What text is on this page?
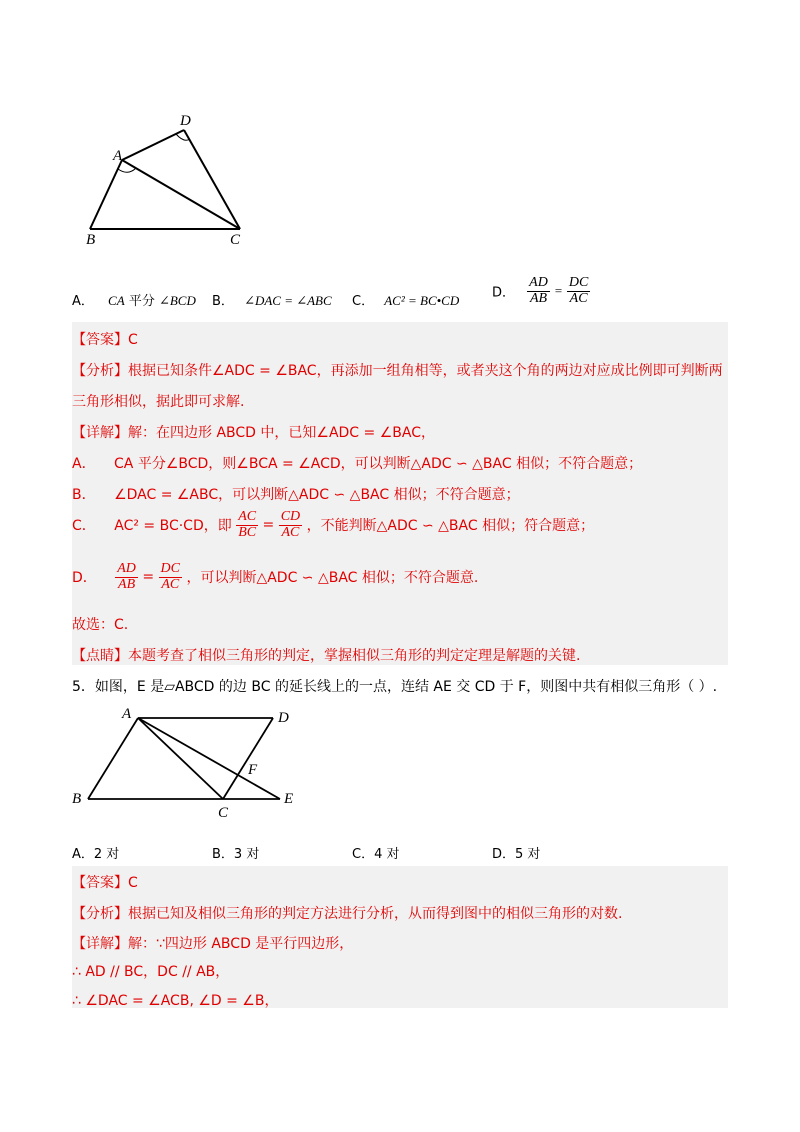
D
A
B	C
A． CA 平分 ∠BCD B． ∠DAC = ∠ABC C． AC² = BC•CD	D． $\frac{AD}{AB} = \frac{DC}{AC}$
【答案】C
【分析】根据已知条件∠ADC = ∠BAC，再添加一组角相等，或者夹这个角的两边对应成比例即可判断两
三角形相似，据此即可求解.
【详解】解：在四边形 ABCD 中，已知∠ADC = ∠BAC，
A． CA 平分∠BCD，则∠BCA = ∠ACD，可以判断△ADC ∽ △BAC 相似；不符合题意；
B． ∠DAC = ∠ABC，可以判断△ADC ∽ △BAC 相似；不符合题意；
C． AC² = BC·CD，即 $\frac{AC}{BC} = \frac{CD}{AC}$ ，不能判断△ADC ∽ △BAC 相似；符合题意；
D． $\frac{AD}{AB} = \frac{DC}{AC}$ ，可以判断△ADC ∽ △BAC 相似；不符合题意.
故选：C.
【点睛】本题考查了相似三角形的判定，掌握相似三角形的判定定理是解题的关键.
5．如图，E 是▱ABCD 的边 BC 的延长线上的一点，连结 AE 交 CD 于 F，则图中共有相似三角形（ ）.
A	D
F
B
C
E
A．2 对	B．3 对	C．4 对	D．5 对
【答案】C
【分析】根据已知及相似三角形的判定方法进行分析，从而得到图中的相似三角形的对数.
【详解】解：∵四边形 ABCD 是平行四边形，
∴ AD // BC，DC // AB，
∴ ∠DAC = ∠ACB, ∠D = ∠B，
